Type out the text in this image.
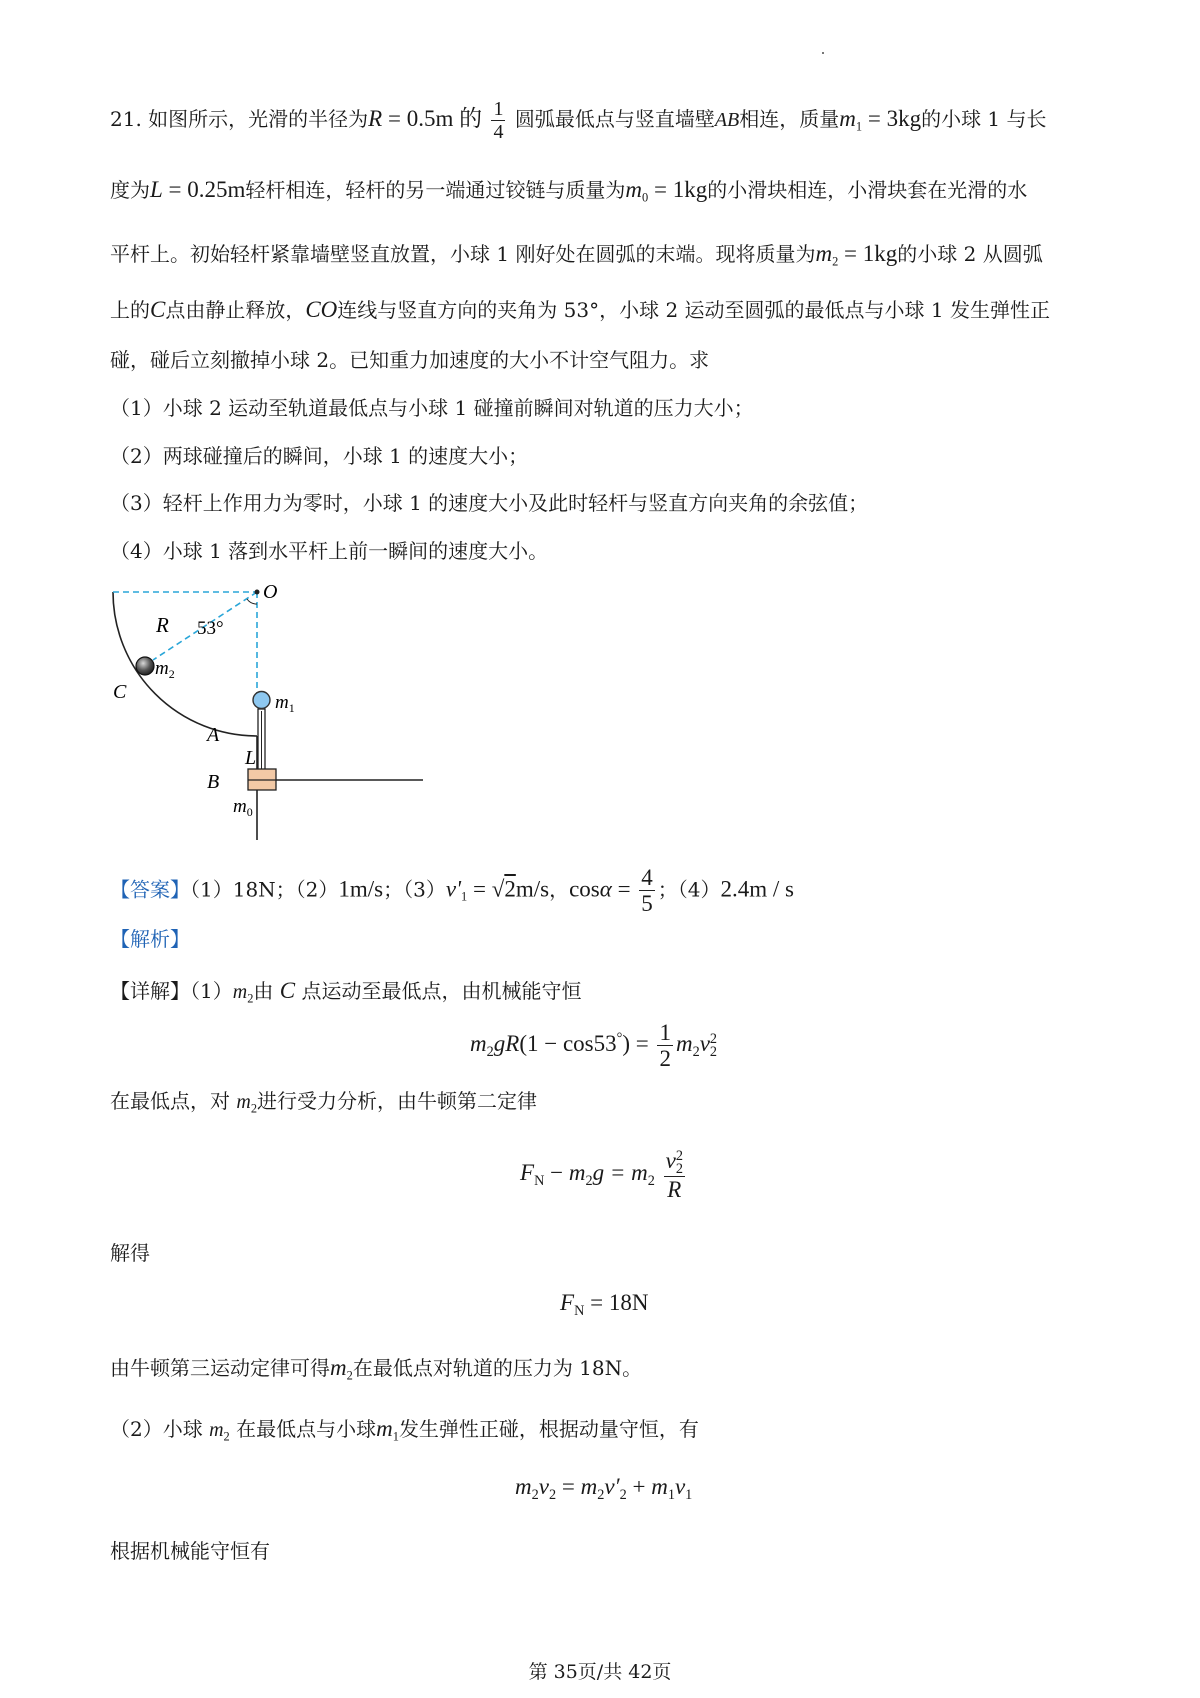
21. 如图所示，光滑的半径为R = 0.5m 的 $\frac{1}{4}$ 圆弧最低点与竖直墙壁AB相连，质量$m_1 = 3kg$的小球 1 与长
度为L = 0.25m轻杆相连，轻杆的另一端通过铰链与质量为$m_0 = 1kg$的小滑块相连，小滑块套在光滑的水
平杆上。初始轻杆紧靠墙壁竖直放置，小球 1 刚好处在圆弧的末端。现将质量为$m_2 = 1kg$的小球 2 从圆弧
上的C点由静止释放，CO连线与竖直方向的夹角为 53°，小球 2 运动至圆弧的最低点与小球 1 发生弹性正
碰，碰后立刻撤掉小球 2。已知重力加速度的大小不计空气阻力。求
（1）小球 2 运动至轨道最低点与小球 1 碰撞前瞬间对轨道的压力大小；
（2）两球碰撞后的瞬间，小球 1 的速度大小；
（3）轻杆上作用力为零时，小球 1 的速度大小及此时轻杆与竖直方向夹角的余弦值；
（4）小球 1 落到水平杆上前一瞬间的速度大小。
O
R 53°
C
$m_2$
$m_1$
A
L
B
$m_0$
【答案】（1）18N；（2）1m/s；$(3)v'_1 = √2m/s$，$\cos\alpha = \frac{4}{5}$ ；（4）2.4m / s
【解析】
【详解】$(1)m_2$由 C 点运动至最低点，由机械能守恒
$m_2gR(1 - \cos 53^\circ) = \frac{1}{2} m_2v$ 2
2
在最低点，对 $m_2$进行受力分析，由牛顿第二定律
$F_N - m_2g = m_2$ v 2
2
R
解得
$F_N = 18N$
由牛顿第三运动定律可得$m_2$在最低点对轨道的压力为 18N。
（2）小球 $m_2$ 在最低点与小球$m_1$发生弹性正碰，根据动量守恒，有
$m_2v_2 = m_2v'_2 + m_1v_1$
根据机械能守恒有
第 35页/共 42页
